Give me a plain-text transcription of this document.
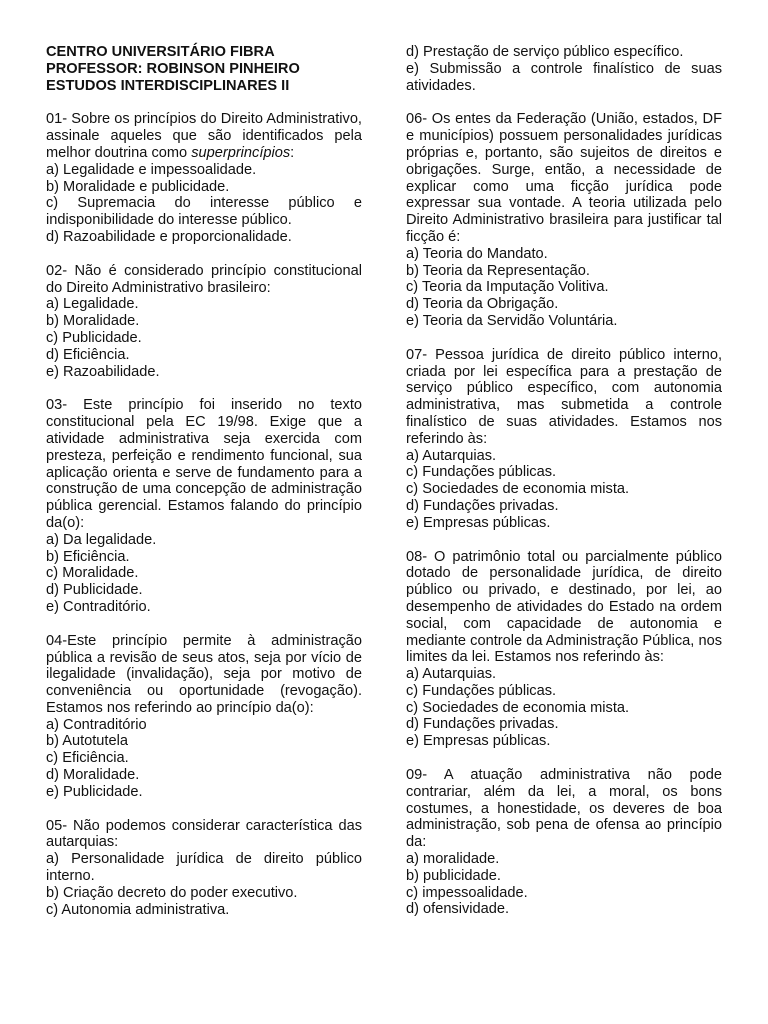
CENTRO UNIVERSITÁRIO FIBRA
PROFESSOR: ROBINSON PINHEIRO
ESTUDOS INTERDISCIPLINARES II
01- Sobre os princípios do Direito Administrativo, assinale aqueles que são identificados pela melhor doutrina como superprincípios:
a) Legalidade e impessoalidade.
b) Moralidade e publicidade.
c) Supremacia do interesse público e indisponibilidade do interesse público.
d) Razoabilidade e proporcionalidade.
02- Não é considerado princípio constitucional do Direito Administrativo brasileiro:
a) Legalidade.
b) Moralidade.
c) Publicidade.
d) Eficiência.
e) Razoabilidade.
03- Este princípio foi inserido no texto constitucional pela EC 19/98. Exige que a atividade administrativa seja exercida com presteza, perfeição e rendimento funcional, sua aplicação orienta e serve de fundamento para a construção de uma concepção de administração pública gerencial. Estamos falando do princípio da(o):
a) Da legalidade.
b) Eficiência.
c) Moralidade.
d) Publicidade.
e) Contraditório.
04-Este princípio permite à administração pública a revisão de seus atos, seja por vício de ilegalidade (invalidação), seja por motivo de conveniência ou oportunidade (revogação). Estamos nos referindo ao princípio da(o):
a) Contraditório
b) Autotutela
c) Eficiência.
d) Moralidade.
e) Publicidade.
05- Não podemos considerar característica das autarquias:
a) Personalidade jurídica de direito público interno.
b) Criação decreto do poder executivo.
c) Autonomia administrativa.
d) Prestação de serviço público específico.
e) Submissão a controle finalístico de suas atividades.
06- Os entes da Federação (União, estados, DF e municípios) possuem personalidades jurídicas próprias e, portanto, são sujeitos de direitos e obrigações. Surge, então, a necessidade de explicar como uma ficção jurídica pode expressar sua vontade. A teoria utilizada pelo Direito Administrativo brasileira para justificar tal ficção é:
a) Teoria do Mandato.
b) Teoria da Representação.
c) Teoria da Imputação Volitiva.
d) Teoria da Obrigação.
e) Teoria da Servidão Voluntária.
07- Pessoa jurídica de direito público interno, criada por lei específica para a prestação de serviço público específico, com autonomia administrativa, mas submetida a controle finalístico de suas atividades. Estamos nos referindo às:
a) Autarquias.
c) Fundações públicas.
c) Sociedades de economia mista.
d) Fundações privadas.
e) Empresas públicas.
08- O patrimônio total ou parcialmente público dotado de personalidade jurídica, de direito público ou privado, e destinado, por lei, ao desempenho de atividades do Estado na ordem social, com capacidade de autonomia e mediante controle da Administração Pública, nos limites da lei. Estamos nos referindo às:
a) Autarquias.
c) Fundações públicas.
c) Sociedades de economia mista.
d) Fundações privadas.
e) Empresas públicas.
09- A atuação administrativa não pode contrariar, além da lei, a moral, os bons costumes, a honestidade, os deveres de boa administração, sob pena de ofensa ao princípio da:
a) moralidade.
b) publicidade.
c) impessoalidade.
d) ofensividade.
